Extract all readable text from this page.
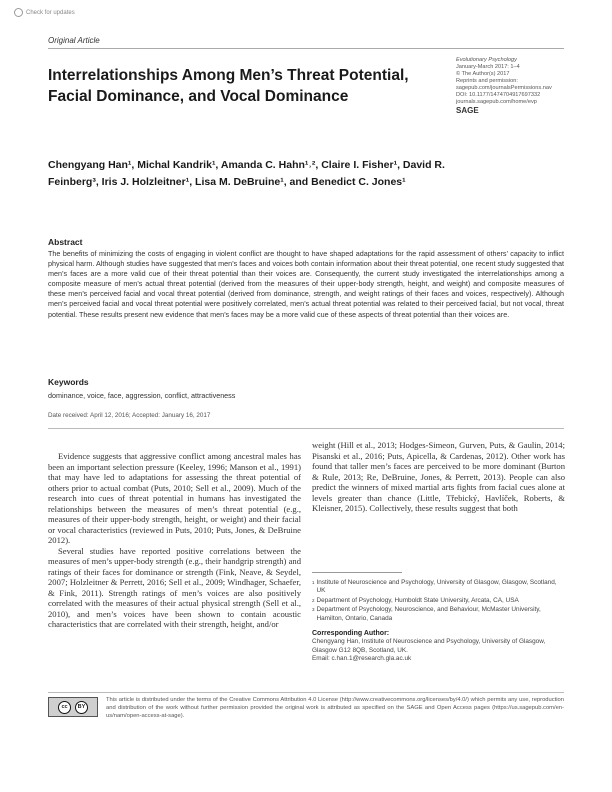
Check for updates
Original Article
Evolutionary Psychology
January-March 2017: 1–4
© The Author(s) 2017
Reprints and permission:
sagepub.com/journalsPermissions.nav
DOI: 10.1177/1474704917697332
journals.sagepub.com/home/evp
SAGE
Interrelationships Among Men’s Threat Potential, Facial Dominance, and Vocal Dominance
Chengyang Han¹, Michal Kandrik¹, Amanda C. Hahn¹˒², Claire I. Fisher¹, David R. Feinberg³, Iris J. Holzleitner¹, Lisa M. DeBruine¹, and Benedict C. Jones¹
Abstract
The benefits of minimizing the costs of engaging in violent conflict are thought to have shaped adaptations for the rapid assessment of others’ capacity to inflict physical harm. Although studies have suggested that men’s faces and voices both contain information about their threat potential, one recent study suggested that men’s faces are a more valid cue of their threat potential than their voices are. Consequently, the current study investigated the interrelationships among a composite measure of men’s actual threat potential (derived from the measures of their upper-body strength, height, and weight) and composite measures of these men’s perceived facial and vocal threat potential (derived from dominance, strength, and weight ratings of their faces and voices, respectively). Although men’s perceived facial and vocal threat potential were positively correlated, men’s actual threat potential was related to their perceived facial, but not vocal, threat potential. These results present new evidence that men’s faces may be a more valid cue of these aspects of threat potential than their voices are.
Keywords
dominance, voice, face, aggression, conflict, attractiveness
Date received: April 12, 2016; Accepted: January 16, 2017

Evidence suggests that aggressive conflict among ancestral males has been an important selection pressure (Keeley, 1996; Manson et al., 1991) that may have led to adaptations for assessing the threat potential of others prior to actual combat (Puts, 2010; Sell et al., 2009). Much of the research into cues of threat potential in humans has investigated the relationships between the measures of men’s threat potential (e.g., measures of their upper-body strength, height, or weight) and their facial or vocal characteristics (reviewed in Puts, 2010; Puts, Jones, & DeBruine 2012).

Several studies have reported positive correlations between the measures of men’s upper-body strength (e.g., their handgrip strength) and ratings of their faces for dominance or strength (Fink, Neave, & Seydel, 2007; Holzleitner & Perrett, 2016; Sell et al., 2009; Windhager, Schaefer, & Fink, 2011). Strength ratings of men’s voices are also positively correlated with the measures of their actual physical strength (Sell et al., 2010), and men’s voices have been shown to contain acoustic characteristics that are correlated with their strength, height, and/or

weight (Hill et al., 2013; Hodges-Simeon, Gurven, Puts, & Gaulin, 2014; Pisanski et al., 2016; Puts, Apicella, & Cardenas, 2012). Other work has found that taller men’s faces are perceived to be more dominant (Burton & Rule, 2013; Re, DeBruine, Jones, & Perrett, 2013). People can also predict the winners of mixed martial arts fights from facial cues alone at levels greater than chance (Little, Třebický, Havlíček, Roberts, & Kleisner, 2015). Collectively, these results suggest that both

1 Institute of Neuroscience and Psychology, University of Glasgow, Glasgow, Scotland, UK
2 Department of Psychology, Humboldt State University, Arcata, CA, USA
3 Department of Psychology, Neuroscience, and Behaviour, McMaster University, Hamilton, Ontario, Canada
Corresponding Author:
Chengyang Han, Institute of Neuroscience and Psychology, University of Glasgow, Glasgow G12 8QB, Scotland, UK.
Email: c.han.1@research.gla.ac.uk
cc	BY
This article is distributed under the terms of the Creative Commons Attribution 4.0 License (http://www.creativecommons.org/licenses/by/4.0/) which permits any use, reproduction and distribution of the work without further permission provided the original work is attributed as specified on the SAGE and Open Access pages (https://us.sagepub.com/en-us/nam/open-access-at-sage).
